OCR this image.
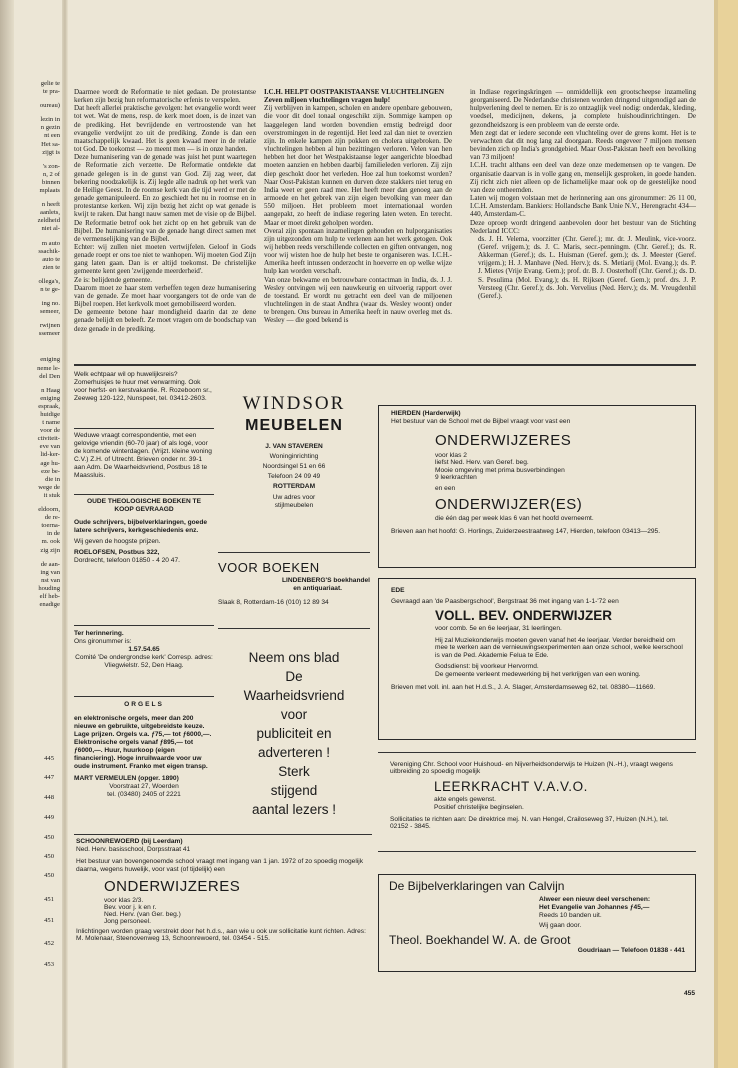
gelie te

te pra-

oureau)

lezin in

n gezin

nt een

Het sa-

zijgt is

's zon-

n, 2 of

binnen

mplaats

n heeft

aanlets,

zeldheid

niet al-

m auto

ssachik-

auto te

zien te

ollega's,

n te ge-

ing no.

semeer,

rwijnen

ssemeer

eniging

neme le-

del Den

n Haag

eniging

espraak,

huidige

t name

voor de

ctiviteit-

eve van

lid-ker-

age hu-

eze be-

die in

wege de

it stuk

eldoorn,

de re-

toerna-

in de

m. ook

zig zijn

de aan-

ing van

nst van

houding

elf heb-

enadige

445
447
448
449
450
450
450
451
451
452
453

Daarmee wordt de Reformatie te niet gedaan. De protestantse kerken zijn bezig hun reformatorische erfenis te verspelen.

Dat heeft allerlei praktische gevolgen: het evangelie wordt weer tot wet. Wat de mens, resp. de kerk moet doen, is de inzet van de prediking. Het bevrijdende en vertroostende van het evangelie verdwijnt zo uit de prediking. Zonde is dan een maatschappelijk kwaad. Het is geen kwaad meer in de relatie tot God. De toekomst — zo meent men — is in onze handen.

Deze humanisering van de genade was juist het punt waartegen de Reformatie zich verzette. De Reformatie ontdekte dat genade gelegen is in de gunst van God. Zij zag weer, dat bekering noodzakelijk is. Zij legde alle nadruk op het werk van de Heilige Geest. In de roomse kerk van die tijd werd er met de genade gemanipuleerd. En zo geschiedt het nu in roomse en in protestantse kerken. Wij zijn bezig het zicht op wat genade is kwijt te raken. Dat hangt nauw samen met de visie op de Bijbel. De Reformatie betrof ook het zicht op en het gebruik van de Bijbel. De humanisering van de genade hangt direct samen met de vermenselijking van de Bijbel.

Echter: wij zullen niet moeten vertwijfelen. Geloof in Gods genade roept er ons toe niet te wanhopen. Wij moeten God Zijn gang laten gaan. Dan is er altijd toekomst. De christelijke gemeente kent geen 'zwijgende meerderheid'.

Ze is: belijdende gemeente.

Daarom moet ze haar stem verheffen tegen deze humanisering van de genade. Ze moet haar voorgangers tot de orde van de Bijbel roepen. Het kerkvolk moet gemobiliseerd worden.

De gemeente betone haar mondigheid daarin dat ze dene genade belijdt en beleeft. Ze moet vragen om de boodschap van deze genade in de prediking.

I.C.H. HELPT OOSTPAKISTAANSE VLUCHTELINGEN
Zeven miljoen vluchtelingen vragen hulp!

Zij verblijven in kampen, scholen en andere openbare gebouwen, die voor dit doel tonaal ongeschikt zijn. Sommige kampen op laaggelegen land worden bovendien ernstig bedreigd door overstromingen in de regentijd. Het leed zal dan niet te overzien zijn. In enkele kampen zijn pokken en cholera uitgebroken. De vluchtelingen hebben al hun bezittingen verloren. Velen van hen hebben het door het Westpakistaanse leger aangerichte bloedbad moeten aanzien en hebben daarbij familieleden verloren. Zij zijn diep geschokt door het verleden. Hoe zal hun toekomst worden? Naar Oost-Pakistan kunnen en durven deze stakkers niet terug en India weet er geen raad mee. Het heeft meer dan genoeg aan de armoede en het gebrek van zijn eigen bevolking van meer dan 550 miljoen. Het probleem moet internationaal worden aangepakt, zo heeft de indiase regering laten weten. En terecht. Maar er moet direkt geholpen worden.

Overal zijn spontaan inzamelingen gehouden en hulporganisaties zijn uitgezonden om hulp te verlenen aan het werk getogen. Ook wij hebben reeds verschillende collecten en giften ontvangen, nog voor wij wisten hoe de hulp het beste te organiseren was. I.C.H.-Amerika heeft intussen onderzocht in hoeverre en op welke wijze hulp kan worden verschaft.

Van onze bekwame en betrouwbare contactman in India, ds. J. J. Wesley ontvingen wij een nauwkeurig en uitvoerig rapport over de toestand. Er wordt nu getracht een deel van de miljoenen vluchtelingen in de staat Andhra (waar ds. Wesley woont) onder te brengen. Ons bureau in Amerika heeft in nauw overleg met ds. Wesley — die goed bekend is

in Indiase regeringskringen — onmiddellijk een grootscheepse inzameling georganiseerd. De Nederlandse christenen worden dringend uitgenodigd aan de hulpverlening deel te nemen. Er is zo ontzaglijk veel nodig: onderdak, kleding, voedsel, medicijnen, dekens, ja complete huishoudinrichtingen. De gezondheidszorg is een probleem van de eerste orde.

Men zegt dat er iedere seconde een vluchteling over de grens komt. Het is te verwachten dat dit nog lang zal doorgaan. Reeds ongeveer 7 miljoen mensen bevinden zich op India's grondgebied. Maar Oost-Pakistan heeft een bevolking van 73 miljoen!

I.C.H. tracht althans een deel van deze onze medemensen op te vangen. De organisatie daarvan is in volle gang en, menselijk gesproken, in goede handen. Zij richt zich niet alleen op de lichamelijke maar ook op de geestelijke nood van deze ontheemden.

Laten wij mogen volstaan met de herinnering aan ons gironummer: 26 11 00, I.C.H. Amsterdam. Bankiers: Hollandsche Bank Unie N.V., Herengracht 434—440, Amsterdam-C.

Deze oproep wordt dringend aanbevolen door het bestuur van de Stichting Nederland ICCC:

ds. J. H. Velema, voorzitter (Chr. Geref.); mr. dr. J. Meulink, vice-voorz. (Geref. vrijgem.); ds. J. C. Maris, secr.-penningm. (Chr. Geref.); ds. R. Akkerman (Geref.); ds. L. Huisman (Geref. gem.); ds. J. Meester (Geref. vrijgem.); H. J. Manhave (Ned. Herv.); ds. S. Metiarij (Mol. Evang.); ds. P. J. Mietes (Vrije Evang. Gem.); prof. dr. B. J. Oosterhoff (Chr. Geref.); ds. D. S. Pesulima (Mol. Evang.); ds. H. Rijksen (Geref. Gem.); prof. drs. J. P. Versteeg (Chr. Geref.); ds. Joh. Vervelius (Ned. Herv.); ds. M. Vreugdenhil (Geref.).

Welk echtpaar wil op huwelijksreis? Zomerhuisjes te huur met verwarming. Ook voor herfst- en kerstvakantie. R. Rozeboom sr., Zeeweg 120-122, Nunspeet, tel. 03412-2603.
Weduwe vraagt correspondentie, met een gelovige vriendin (60-70 jaar) of als logé, voor de komende winterdagen. (Vrijzt. kleine woning C.V.) Z.H. of Utrecht. Brieven onder nr. 39-1 aan Adm. De Waarheidsvriend, Postbus 18 te Maassluis.
OUDE THEOLOGISCHE BOEKEN TE KOOP GEVRAAGD
Oude schrijvers, bijbelverklaringen, goede latere schrijvers, kerkgeschiedenis enz.
Wij geven de hoogste prijzen.
ROELOFSEN, Postbus 322,
Dordrecht, telefoon 01850 - 4 20 47.
Ter herinnering.
Ons gironummer is:
1.57.54.65
Comité 'De ondergrondse kerk' Corresp. adres: Vliegwielstr. 52, Den Haag.
ORGELS
en elektronische orgels, meer dan 200 nieuwe en gebruikte, uitgebreidste keuze. Lage prijzen. Orgels v.a. ƒ75,— tot ƒ6000,—. Elektronische orgels vanaf ƒ895,— tot ƒ6000,—. Huur, huurkoop (eigen financiering). Hoge inruilwaarde voor uw oude instrument. Franko met eigen transp.
MART VERMEULEN (opger. 1890)
Voorstraat 27, Woerden
tel. (03480) 2405 of 2221
WINDSOR
MEUBELEN
J. VAN STAVEREN
Woninginrichting
Noordsingel 51 en 66
Telefoon 24 09 49
ROTTERDAM
Uw adres voor
stijlmeubelen
VOOR BOEKEN
LINDENBERG'S boekhandel
en antiquariaat.
Slaak 8, Rotterdam-16 (010) 12 89 34
Neem ons blad
De
Waarheidsvriend
voor
publiciteit en
adverteren !
Sterk
stijgend
aantal lezers !
SCHOONREWOERD (bij Leerdam)
Ned. Herv. basisschool, Dorpsstraat 41
Het bestuur van bovengenoemde school vraagt met ingang van 1 jan. 1972 of zo spoedig mogelijk daarna, wegens huwelijk, voor vast (of tijdelijk) een
ONDERWIJZERES
voor klas 2/3.
Bev. voor j. k en r.
Ned. Herv. (van Ger. beg.)
Jong personeel.
Inlichtingen worden graag verstrekt door het h.d.s., aan wie u ook uw sollicitatie kunt richten. Adres: M. Molenaar, Steenovenweg 13, Schoonrewoerd, tel. 03454 - 515.
HIERDEN (Harderwijk)
Het bestuur van de School met de Bijbel vraagt voor vast een
ONDERWIJZERES
voor klas 2
liefst Ned. Herv. van Geref. beg.
Mooie omgeving met prima busverbindingen
9 leerkrachten
en een
ONDERWIJZER(ES)
die één dag per week klas 6 van het hoofd overneemt.
Brieven aan het hoofd: G. Horlings, Zuiderzeestraatweg 147, Hierden, telefoon 03413—295.
EDE
Gevraagd aan 'de Paasbergschool', Bergstraat 36 met ingang van 1-1-'72 een
VOLL. BEV. ONDERWIJZER
voor comb. 5e en 6e leerjaar, 31 leerlingen.
Hij zal Muziekonderwijs moeten geven vanaf het 4e leerjaar. Verder bereidheid om mee te werken aan de vernieuwingsexperimenten aan onze school, welke leerschool is van de Ped. Akademie Felua te Ede.
Godsdienst: bij voorkeur Hervormd.
De gemeente verleent medewerking bij het verkrijgen van een woning.
Brieven met voll. inl. aan het H.d.S., J. A. Slager, Amsterdamseweg 62, tel. 08380—11669.
Vereniging Chr. School voor Huishoud- en Nijverheidsonderwijs te Huizen (N.-H.), vraagt wegens uitbreiding zo spoedig mogelijk
LEERKRACHT V.A.V.O.
akte engels gewenst.
Positief christelijke beginselen.
Sollicitaties te richten aan: De direktrice mej. N. van Hengel, Crailoseweg 37, Huizen (N.H.), tel. 02152 - 3845.
De Bijbelverklaringen van Calvijn
Alweer een nieuw deel verschenen:
Het Evangelie van Johannes ƒ45,—
Reeds 10 banden uit.
Wij gaan door.
Theol. Boekhandel W. A. de Groot
Goudriaan — Telefoon 01838 - 441
455
